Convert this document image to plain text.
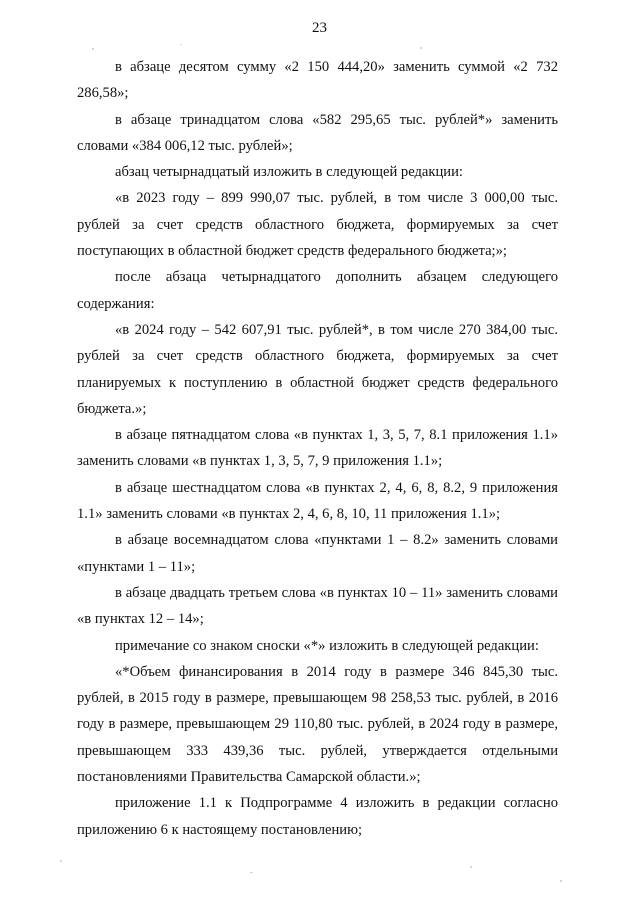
23

в абзаце десятом сумму «2 150 444,20» заменить суммой «2 732 286,58»;

в абзаце тринадцатом слова «582 295,65 тыс. рублей*» заменить словами «384 006,12 тыс. рублей»;

абзац четырнадцатый изложить в следующей редакции:

«в 2023 году – 899 990,07 тыс. рублей, в том числе 3 000,00 тыс. рублей за счет средств областного бюджета, формируемых за счет поступающих в областной бюджет средств федерального бюджета;»;

после абзаца четырнадцатого дополнить абзацем следующего содержания:

«в 2024 году – 542 607,91 тыс. рублей*, в том числе 270 384,00 тыс. рублей за счет средств областного бюджета, формируемых за счет планируемых к поступлению в областной бюджет средств федерального бюджета.»;

в абзаце пятнадцатом слова «в пунктах 1, 3, 5, 7, 8.1 приложения 1.1» заменить словами «в пунктах 1, 3, 5, 7, 9 приложения 1.1»;

в абзаце шестнадцатом слова «в пунктах 2, 4, 6, 8, 8.2, 9 приложения 1.1» заменить словами «в пунктах 2, 4, 6, 8, 10, 11 приложения 1.1»;

в абзаце восемнадцатом слова «пунктами 1 – 8.2» заменить словами «пунктами 1 – 11»;

в абзаце двадцать третьем слова «в пунктах 10 – 11» заменить словами «в пунктах 12 – 14»;

примечание со знаком сноски «*» изложить в следующей редакции:

«*Объем финансирования в 2014 году в размере 346 845,30 тыс. рублей, в 2015 году в размере, превышающем 98 258,53 тыс. рублей, в 2016 году в размере, превышающем 29 110,80 тыс. рублей, в 2024 году в размере, превышающем 333 439,36 тыс. рублей, утверждается отдельными постановлениями Правительства Самарской области.»;

приложение 1.1 к Подпрограмме 4 изложить в редакции согласно приложению 6 к настоящему постановлению;
